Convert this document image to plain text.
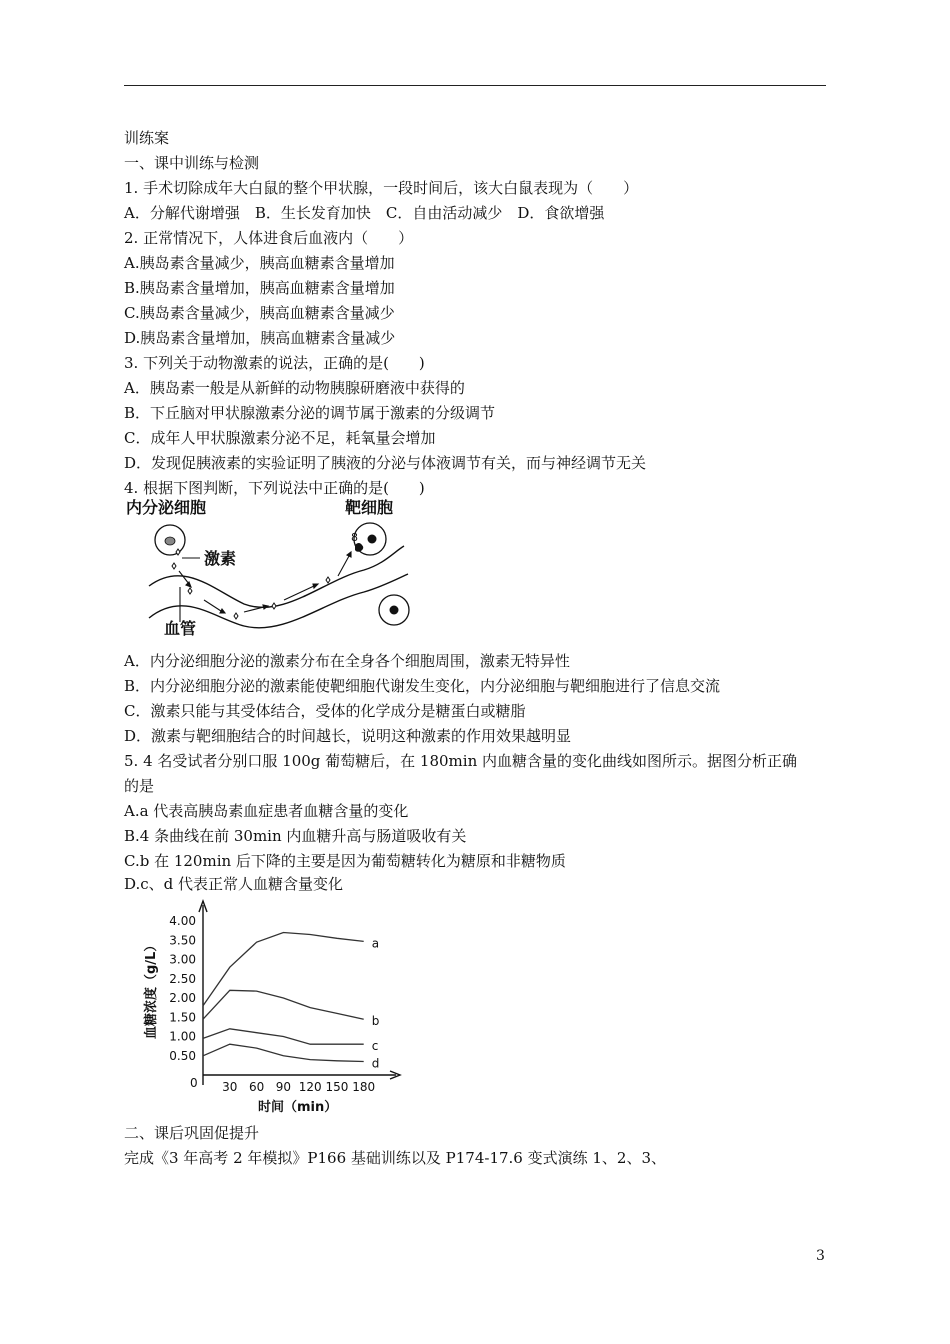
训练案
一、课中训练与检测
1. 手术切除成年大白鼠的整个甲状腺，一段时间后，该大白鼠表现为（　　）
A．分解代谢增强　B．生长发育加快　C．自由活动减少　D．食欲增强
2. 正常情况下，人体进食后血液内（　　）
A.胰岛素含量减少，胰高血糖素含量增加
B.胰岛素含量增加，胰高血糖素含量增加
C.胰岛素含量减少，胰高血糖素含量减少
D.胰岛素含量增加，胰高血糖素含量减少
3. 下列关于动物激素的说法，正确的是(　　)
A．胰岛素一般是从新鲜的动物胰腺研磨液中获得的
B．下丘脑对甲状腺激素分泌的调节属于激素的分级调节
C．成年人甲状腺激素分泌不足，耗氧量会增加
D．发现促胰液素的实验证明了胰液的分泌与体液调节有关，而与神经调节无关
4. 根据下图判断，下列说法中正确的是(　　)
内分泌细胞	靶细胞
激素
血管
8
A．内分泌细胞分泌的激素分布在全身各个细胞周围，激素无特异性
B．内分泌细胞分泌的激素能使靶细胞代谢发生变化，内分泌细胞与靶细胞进行了信息交流
C．激素只能与其受体结合，受体的化学成分是糖蛋白或糖脂
D．激素与靶细胞结合的时间越长，说明这种激素的作用效果越明显
5. 4 名受试者分别口服 100g 葡萄糖后，在 180min 内血糖含量的变化曲线如图所示。据图分析正确
的是
A.a 代表高胰岛素血症患者血糖含量的变化
B.4 条曲线在前 30min 内血糖升高与肠道吸收有关
C.b 在 120min 后下降的主要是因为葡萄糖转化为糖原和非糖物质
D.c、d 代表正常人血糖含量变化
血糖浓度（g/L）
时间（min）
0
0.50
1.00
1.50
2.00
2.50
3.00
3.50
4.00
30 60 90 120 150 180
a
b
c
d
二、课后巩固促提升
完成《3 年高考 2 年模拟》P166 基础训练以及 P174-17.6 变式演练 1、2、3、
3
